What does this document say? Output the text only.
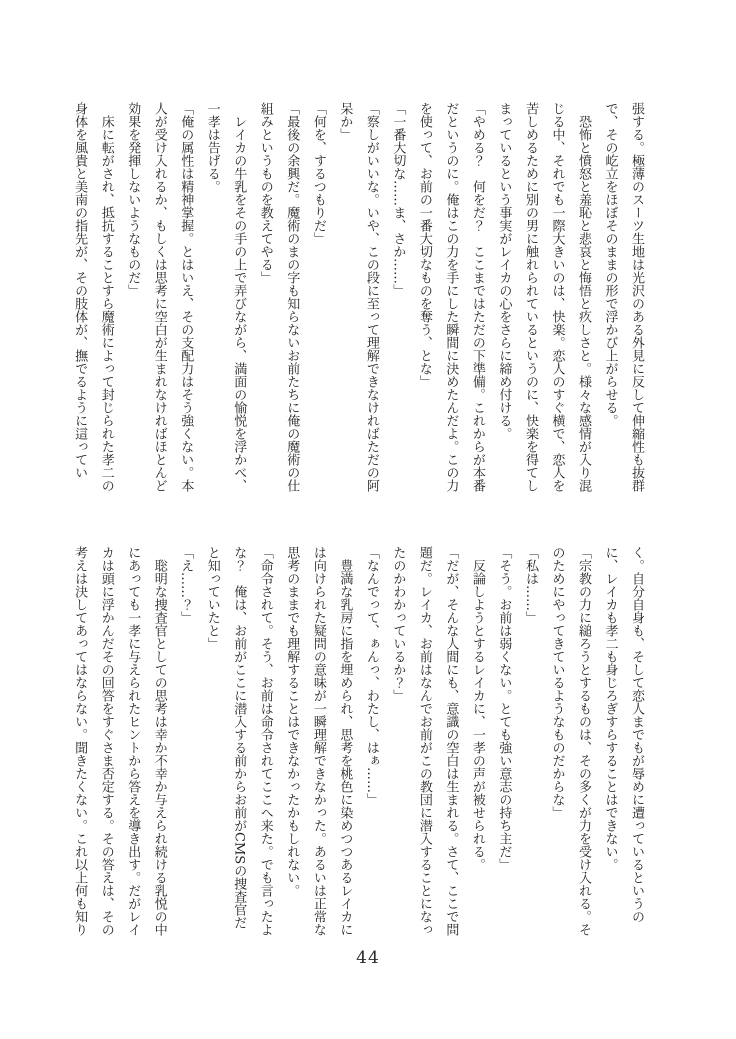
張する。極薄のスーツ生地は光沢のある外見に反して伸縮性も抜群で、その屹立をほぼそのままの形で浮かび上がらせる。

恐怖と憤怒と羞恥と悲哀と悔悟と疚しさと。様々な感情が入り混じる中、それでも一際大きいのは、快楽。恋人のすぐ横で、恋人を苦しめるために別の男に触れられているというのに、快楽を得てしまっているという事実がレイカの心をさらに締め付ける。

「やめる？　何をだ？　ここまではただの下準備。これからが本番だというのに。俺はこの力を手にした瞬間に決めたんだよ。この力を使って、お前の一番大切なものを奪う、とな」

「一番大切な……ま、さか……」

「察しがいいな。いや、この段に至って理解できなければただの阿呆か」

「何を、するつもりだ」

「最後の余興だ。魔術のまの字も知らないお前たちに俺の魔術の仕組みというものを教えてやる」

レイカの牛乳をその手の上で弄びながら、満面の愉悦を浮かべ、一孝は告げる。

「俺の属性は精神掌握。とはいえ、その支配力はそう強くない。本人が受け入れるか、もしくは思考に空白が生まれなければほとんど効果を発揮しないようなものだ」

床に転がされ、抵抗することすら魔術によって封じられた孝二の身体を風貴と美南の指先が、その肢体が、撫でるように這ってい

く。自分自身も、そして恋人までもが辱めに遭っているというのに、レイカも孝二も身じろぎすらすることはできない。

「宗教の力に縋ろうとするものは、その多くが力を受け入れる。そのためにやってきているようなものだからな」

「私は……」

「そう。お前は弱くない。とても強い意志の持ち主だ」

反論しようとするレイカに、一孝の声が被せられる。

「だが、そんな人間にも、意識の空白は生まれる。さて、ここで問題だ。レイカ、お前はなんでお前がこの教団に潜入することになったのかわかっているか？」

「なんでって、ぁんっ、わたし、はぁ……」

豊満な乳房に指を埋められ、思考を桃色に染めつつあるレイカには向けられた疑問の意味が一瞬理解できなかった。あるいは正常な思考のままでも理解することはできなかったかもしれない。

「命令されて。そう、お前は命令されてここへ来た。でも言ったよな？　俺は、お前がここに潜入する前からお前がCMSの捜査官だと知っていたと」

「え……？」

聡明な捜査官としての思考は幸か不幸か与えられ続ける乳悦の中にあっても一孝に与えられたヒントから答えを導き出す。だがレイカは頭に浮かんだその回答をすぐさま否定する。その答えは、その考えは決してあってはならない。聞きたくない。これ以上何も知り

44
